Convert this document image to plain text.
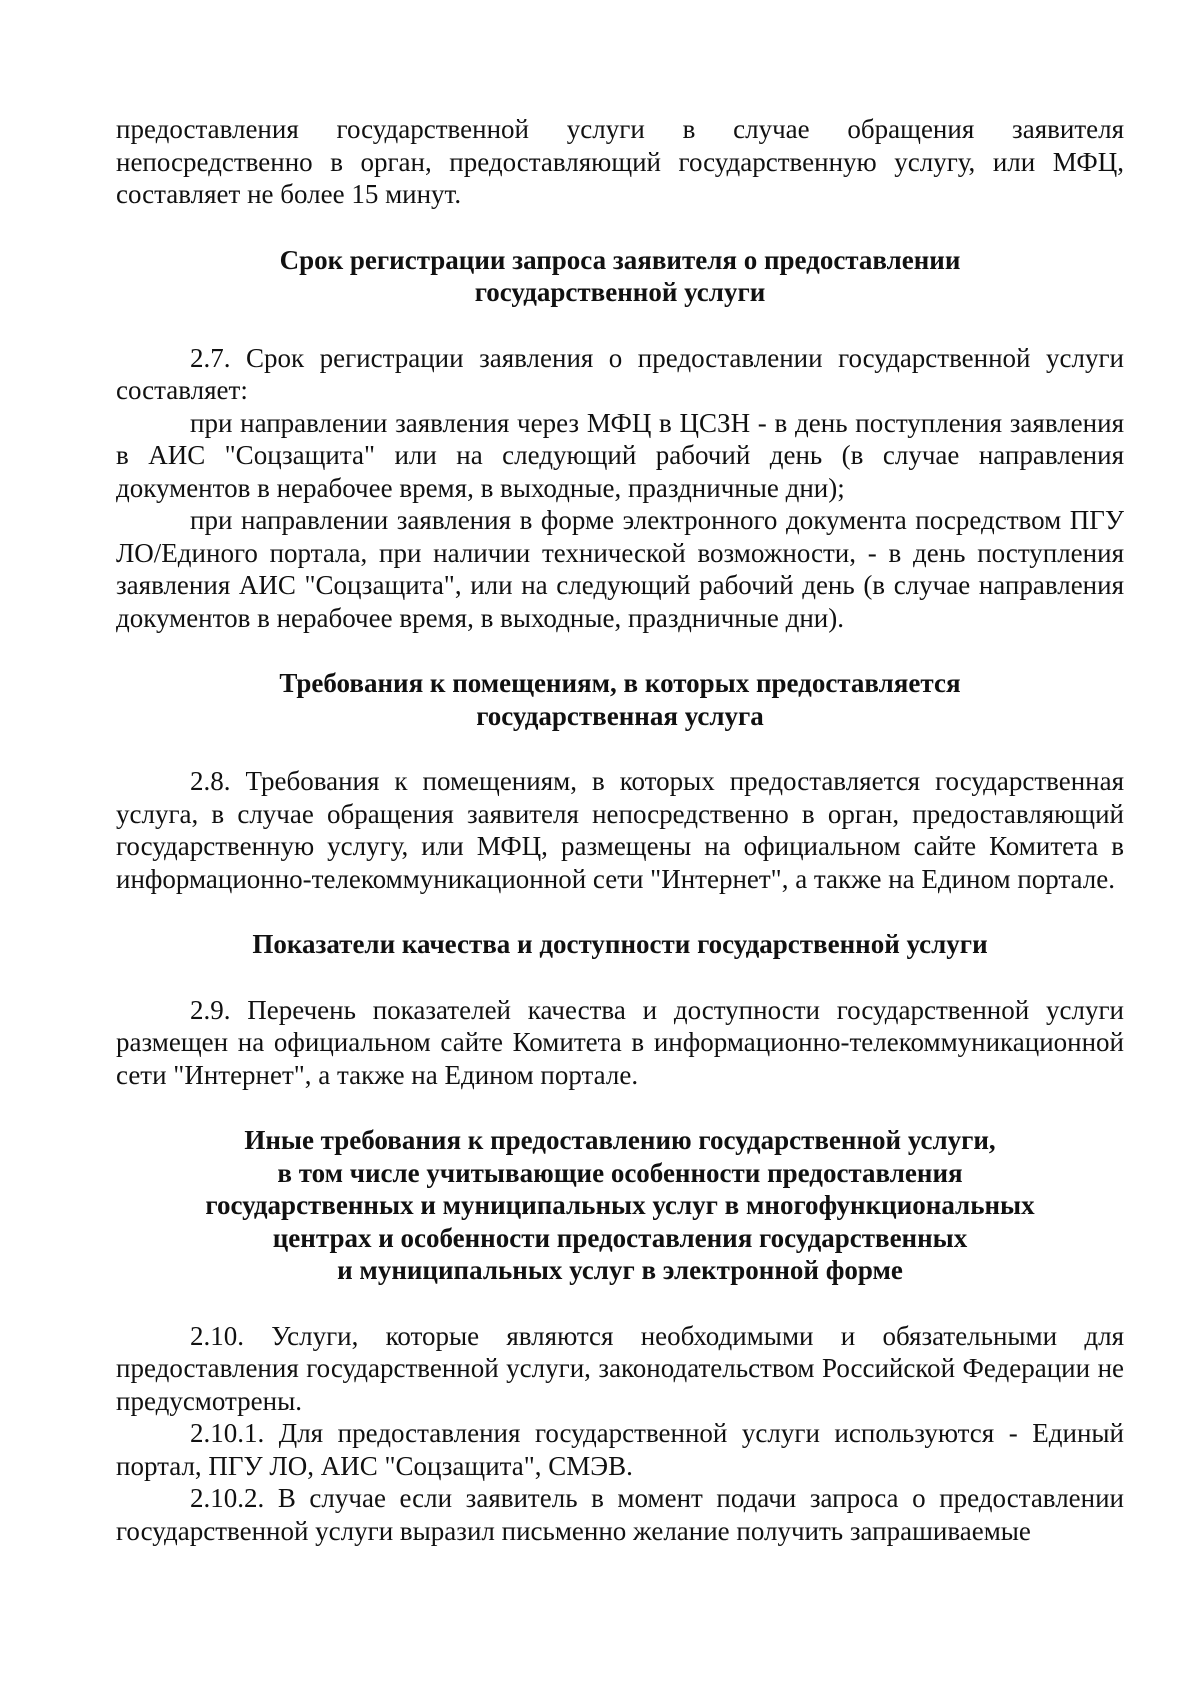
предоставления государственной услуги в случае обращения заявителя непосредственно в орган, предоставляющий государственную услугу, или МФЦ, составляет не более 15 минут.

Срок регистрации запроса заявителя о предоставлении
государственной услуги

2.7. Срок регистрации заявления о предоставлении государственной услуги составляет:

при направлении заявления через МФЦ в ЦСЗН - в день поступления заявления в АИС "Соцзащита" или на следующий рабочий день (в случае направления документов в нерабочее время, в выходные, праздничные дни);

при направлении заявления в форме электронного документа посредством ПГУ ЛО/Единого портала, при наличии технической возможности, - в день поступления заявления АИС "Соцзащита", или на следующий рабочий день (в случае направления документов в нерабочее время, в выходные, праздничные дни).

Требования к помещениям, в которых предоставляется
государственная услуга

2.8. Требования к помещениям, в которых предоставляется государственная услуга, в случае обращения заявителя непосредственно в орган, предоставляющий государственную услугу, или МФЦ, размещены на официальном сайте Комитета в информационно-телекоммуникационной сети "Интернет", а также на Едином портале.

Показатели качества и доступности государственной услуги

2.9. Перечень показателей качества и доступности государственной услуги размещен на официальном сайте Комитета в информационно-телекоммуникационной сети "Интернет", а также на Едином портале.

Иные требования к предоставлению государственной услуги,
в том числе учитывающие особенности предоставления
государственных и муниципальных услуг в многофункциональных
центрах и особенности предоставления государственных
и муниципальных услуг в электронной форме

2.10. Услуги, которые являются необходимыми и обязательными для предоставления государственной услуги, законодательством Российской Федерации не предусмотрены.

2.10.1. Для предоставления государственной услуги используются - Единый портал, ПГУ ЛО, АИС "Соцзащита", СМЭВ.

2.10.2. В случае если заявитель в момент подачи запроса о предоставлении государственной услуги выразил письменно желание получить запрашиваемые
